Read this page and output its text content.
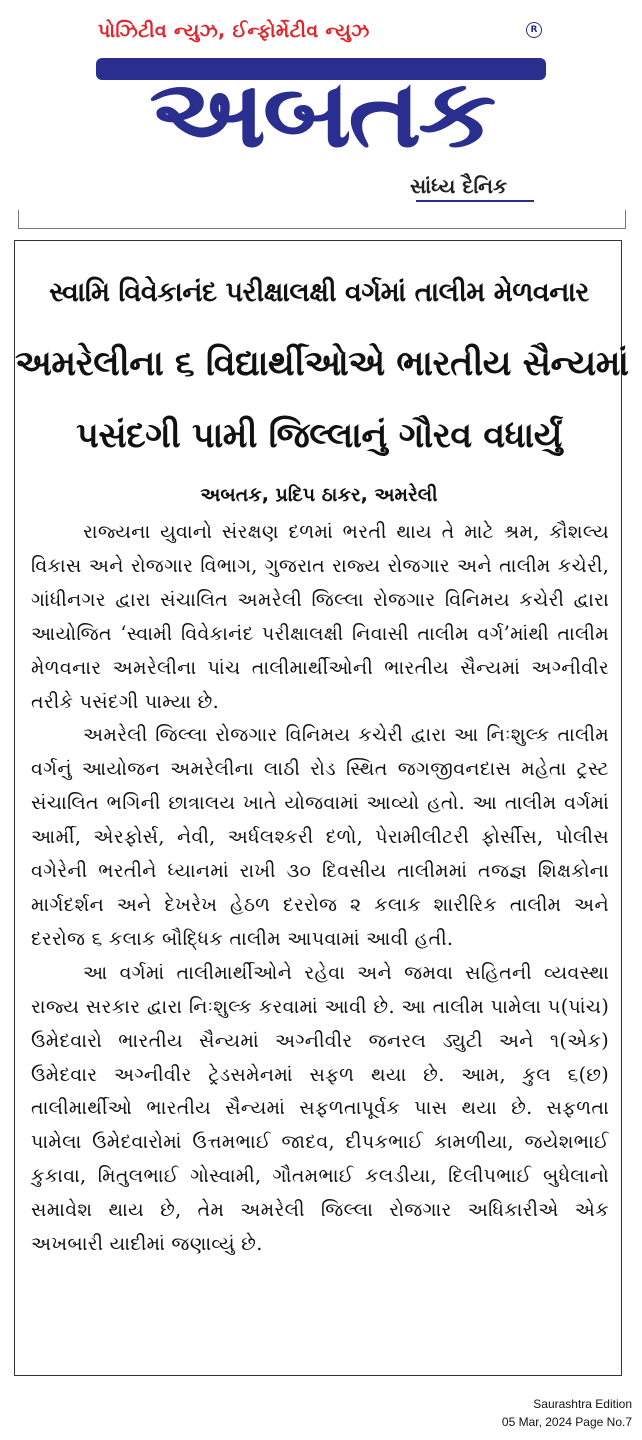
પોઝિટીવ ન્યુઝ, ઈન્ફોર્મેટીવ ન્યુઝ	R
અબતક
સાંધ્ય દૈનિક
સ્વામિ વિવેકાનંદ પરીક્ષાલક્ષી વર્ગમાં તાલીમ મેળવનાર
અમરેલીના ૬ વિદ્યાર્થીઓએ ભારતીય સૈન્યમાં
પસંદગી પામી જિલ્લાનું ગૌરવ વધાર્યું
અબતક, પ્રદિપ ઠાકર, અમરેલી

રાજ્યના યુવાનો સંરક્ષણ દળમાં ભરતી થાય તે માટે શ્રમ, કૌશલ્ય વિકાસ અને રોજગાર વિભાગ, ગુજરાત રાજ્ય રોજગાર અને તાલીમ કચેરી, ગાંધીનગર દ્વારા સંચાલિત અમરેલી જિલ્લા રોજગાર વિનિમય કચેરી દ્વારા આયોજિત ‘સ્વામી વિવેકાનંદ પરીક્ષાલક્ષી નિવાસી તાલીમ વર્ગ’માંથી તાલીમ મેળવનાર અમરેલીના પાંચ તાલીમાર્થીઓની ભારતીય સૈન્યમાં અગ્નીવીર તરીકે પસંદગી પામ્યા છે.

અમરેલી જિલ્લા રોજગાર વિનિમય કચેરી દ્વારા આ નિઃશુલ્ક તાલીમ વર્ગનું આયોજન અમરેલીના લાઠી રોડ સ્થિત જગજીવનદાસ મહેતા ટ્રસ્ટ સંચાલિત ભગિની છાત્રાલય ખાતે યોજવામાં આવ્યો હતો. આ તાલીમ વર્ગમાં આર્મી, એરફોર્સ, નેવી, અર્ધલશ્કરી દળો, પેરામીલીટરી ફોર્સીસ, પોલીસ વગેરેની ભરતીને ધ્યાનમાં રાખી ૩૦ દિવસીય તાલીમમાં તજજ્ઞ શિક્ષકોના માર્ગદર્શન અને દેખરેખ હેઠળ દરરોજ ૨ કલાક શારીરિક તાલીમ અને દરરોજ ૬ કલાક બૌદ્ધિક તાલીમ આપવામાં આવી હતી.

આ વર્ગમાં તાલીમાર્થીઓને રહેવા અને જમવા સહિતની વ્યવસ્થા રાજ્ય સરકાર દ્વારા નિઃશુલ્ક કરવામાં આવી છે. આ તાલીમ પામેલા ૫(પાંચ) ઉમેદવારો ભારતીય સૈન્યમાં અગ્નીવીર જનરલ ડ્યુટી અને ૧(એક) ઉમેદવાર અગ્નીવીર ટ્રેડસમેનમાં સફળ થયા છે. આમ, કુલ ૬(છ) તાલીમાર્થીઓ ભારતીય સૈન્યમાં સફળતાપૂર્વક પાસ થયા છે. સફળતા પામેલા ઉમેદવારોમાં ઉત્તમભાઈ જાદવ, દીપકભાઈ કામળીયા, જયેશભાઈ કુકાવા, મિતુલભાઈ ગોસ્વામી, ગૌતમભાઈ કલડીયા, દિલીપભાઈ બુધેલાનો સમાવેશ થાય છે, તેમ અમરેલી જિલ્લા રોજગાર અધિકારીએ એક અખબારી યાદીમાં જણાવ્યું છે.

Saurashtra Edition
05 Mar, 2024 Page No.7
